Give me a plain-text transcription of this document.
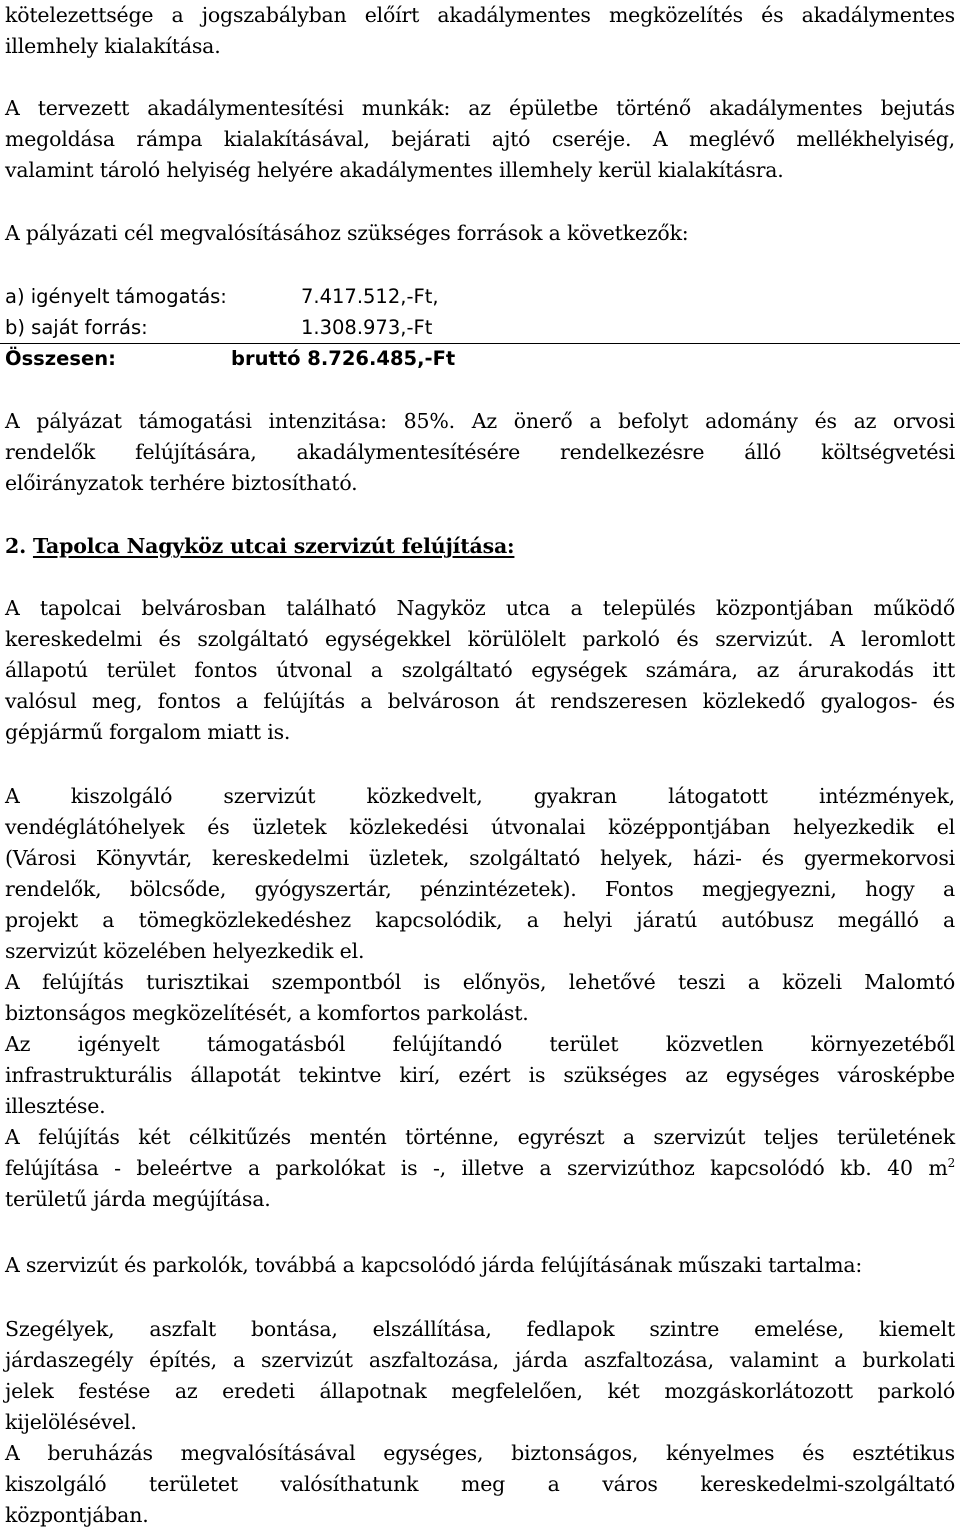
kötelezettsége a jogszabályban előírt akadálymentes megközelítés és akadálymentes
illemhely kialakítása.
A tervezett akadálymentesítési munkák: az épületbe történő akadálymentes bejutás
megoldása rámpa kialakításával, bejárati ajtó cseréje. A meglévő mellékhelyiség,
valamint tároló helyiség helyére akadálymentes illemhely kerül kialakításra.
A pályázati cél megvalósításához szükséges források a következők:
a) igényelt támogatás:	7.417.512,-Ft,
b) saját forrás:	1.308.973,-Ft
Összesen:	bruttó 8.726.485,-Ft
A pályázat támogatási intenzitása: 85%. Az önerő a befolyt adomány és az orvosi
rendelők felújítására, akadálymentesítésére rendelkezésre álló költségvetési
előirányzatok terhére biztosítható.
2. Tapolca Nagyköz utcai szervizút felújítása:
A tapolcai belvárosban található Nagyköz utca a település központjában működő
kereskedelmi és szolgáltató egységekkel körülölelt parkoló és szervizút. A leromlott
állapotú terület fontos útvonal a szolgáltató egységek számára, az árurakodás itt
valósul meg, fontos a felújítás a belvároson át rendszeresen közlekedő gyalogos- és
gépjármű forgalom miatt is.
A kiszolgáló szervizút közkedvelt, gyakran látogatott intézmények,
vendéglátóhelyek és üzletek közlekedési útvonalai középpontjában helyezkedik el
(Városi Könyvtár, kereskedelmi üzletek, szolgáltató helyek, házi- és gyermekorvosi
rendelők, bölcsőde, gyógyszertár, pénzintézetek). Fontos megjegyezni, hogy a
projekt a tömegközlekedéshez kapcsolódik, a helyi járatú autóbusz megálló a
szervizút közelében helyezkedik el.
A felújítás turisztikai szempontból is előnyös, lehetővé teszi a közeli Malomtó
biztonságos megközelítését, a komfortos parkolást.
Az igényelt támogatásból felújítandó terület közvetlen környezetéből
infrastrukturális állapotát tekintve kirí, ezért is szükséges az egységes városképbe
illesztése.
A felújítás két célkitűzés mentén történne, egyrészt a szervizút teljes területének
felújítása - beleértve a parkolókat is -, illetve a szervizúthoz kapcsolódó kb. 40 $m^2$
területű járda megújítása.
A szervizút és parkolók, továbbá a kapcsolódó járda felújításának műszaki tartalma:
Szegélyek, aszfalt bontása, elszállítása, fedlapok szintre emelése, kiemelt
járdaszegély építés, a szervizút aszfaltozása, járda aszfaltozása, valamint a burkolati
jelek festése az eredeti állapotnak megfelelően, két mozgáskorlátozott parkoló
kijelölésével.
A beruházás megvalósításával egységes, biztonságos, kényelmes és esztétikus
kiszolgáló területet valósíthatunk meg a város kereskedelmi-szolgáltató
központjában.
